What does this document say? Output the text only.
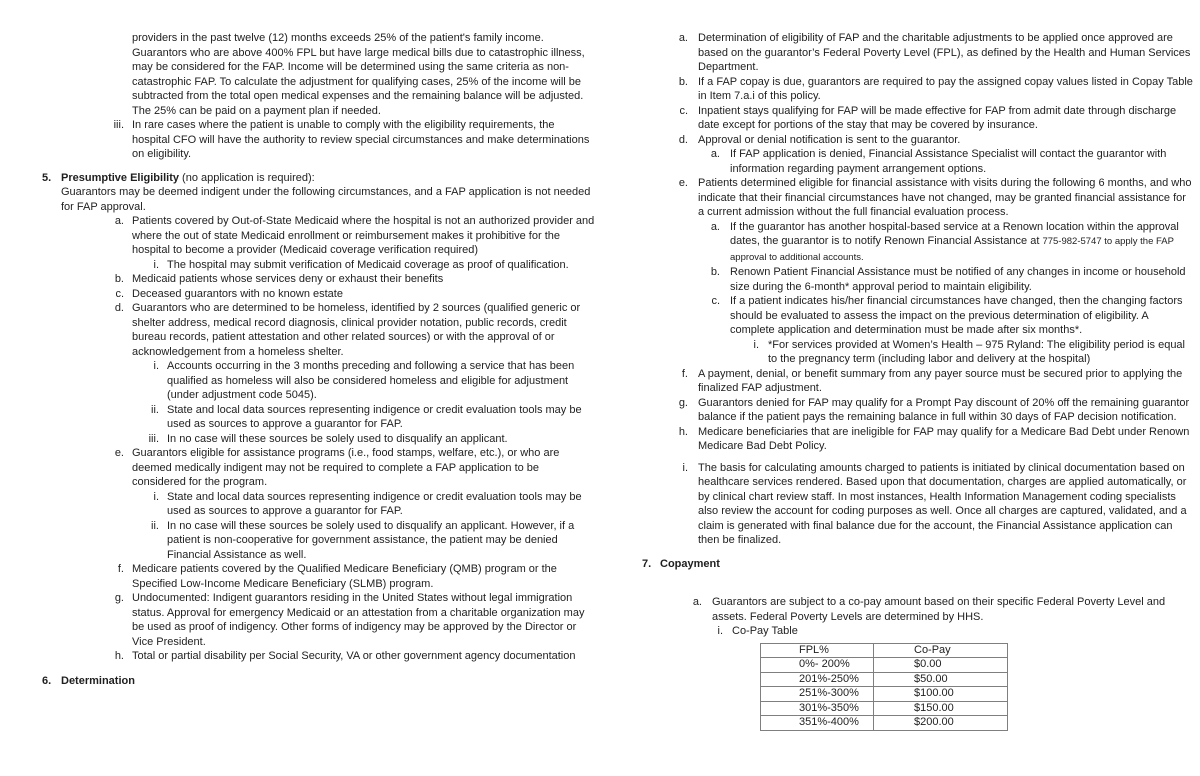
providers in the past twelve (12) months exceeds 25% of the patient's family income. Guarantors who are above 400% FPL but have large medical bills due to catastrophic illness, may be considered for the FAP. Income will be determined using the same criteria as non-catastrophic FAP. To calculate the adjustment for qualifying cases, 25% of the income will be subtracted from the total open medical expenses and the remaining balance will be adjusted. The 25% can be paid on a payment plan if needed.
iii. In rare cases where the patient is unable to comply with the eligibility requirements, the hospital CFO will have the authority to review special circumstances and make determinations on eligibility.
5. Presumptive Eligibility (no application is required):
Guarantors may be deemed indigent under the following circumstances, and a FAP application is not needed for FAP approval.
a. Patients covered by Out-of-State Medicaid where the hospital is not an authorized provider and where the out of state Medicaid enrollment or reimbursement makes it prohibitive for the hospital to become a provider (Medicaid coverage verification required)
i. The hospital may submit verification of Medicaid coverage as proof of qualification.
b. Medicaid patients whose services deny or exhaust their benefits
c. Deceased guarantors with no known estate
d. Guarantors who are determined to be homeless, identified by 2 sources (qualified generic or shelter address, medical record diagnosis, clinical provider notation, public records, credit bureau records, patient attestation and other related sources) or with the approval of or acknowledgement from a homeless shelter.
i. Accounts occurring in the 3 months preceding and following a service that has been qualified as homeless will also be considered homeless and eligible for adjustment (under adjustment code 5045).
ii. State and local data sources representing indigence or credit evaluation tools may be used as sources to approve a guarantor for FAP.
iii. In no case will these sources be solely used to disqualify an applicant.
e. Guarantors eligible for assistance programs (i.e., food stamps, welfare, etc.), or who are deemed medically indigent may not be required to complete a FAP application to be considered for the program.
i. State and local data sources representing indigence or credit evaluation tools may be used as sources to approve a guarantor for FAP.
ii. In no case will these sources be solely used to disqualify an applicant. However, if a patient is non-cooperative for government assistance, the patient may be denied Financial Assistance as well.
f. Medicare patients covered by the Qualified Medicare Beneficiary (QMB) program or the Specified Low-Income Medicare Beneficiary (SLMB) program.
g. Undocumented: Indigent guarantors residing in the United States without legal immigration status. Approval for emergency Medicaid or an attestation from a charitable organization may be used as proof of indigency. Other forms of indigency may be approved by the Director or Vice President.
h. Total or partial disability per Social Security, VA or other government agency documentation
6. Determination
a. Determination of eligibility of FAP and the charitable adjustments to be applied once approved are based on the guarantor’s Federal Poverty Level (FPL), as defined by the Health and Human Services Department.
b. If a FAP copay is due, guarantors are required to pay the assigned copay values listed in Copay Table in Item 7.a.i of this policy.
c. Inpatient stays qualifying for FAP will be made effective for FAP from admit date through discharge date except for portions of the stay that may be covered by insurance.
d. Approval or denial notification is sent to the guarantor.
a. If FAP application is denied, Financial Assistance Specialist will contact the guarantor with information regarding payment arrangement options.
e. Patients determined eligible for financial assistance with visits during the following 6 months, and who indicate that their financial circumstances have not changed, may be granted financial assistance for a current admission without the full financial evaluation process.
a. If the guarantor has another hospital-based service at a Renown location within the approval dates, the guarantor is to notify Renown Financial Assistance at 775-982-5747 to apply the FAP approval to additional accounts.
b. Renown Patient Financial Assistance must be notified of any changes in income or household size during the 6-month* approval period to maintain eligibility.
c. If a patient indicates his/her financial circumstances have changed, then the changing factors should be evaluated to assess the impact on the previous determination of eligibility. A complete application and determination must be made after six months*.
i. *For services provided at Women’s Health – 975 Ryland: The eligibility period is equal to the pregnancy term (including labor and delivery at the hospital)
f. A payment, denial, or benefit summary from any payer source must be secured prior to applying the finalized FAP adjustment.
g. Guarantors denied for FAP may qualify for a Prompt Pay discount of 20% off the remaining guarantor balance if the patient pays the remaining balance in full within 30 days of FAP decision notification.
h. Medicare beneficiaries that are ineligible for FAP may qualify for a Medicare Bad Debt under Renown Medicare Bad Debt Policy.
i. The basis for calculating amounts charged to patients is initiated by clinical documentation based on healthcare services rendered. Based upon that documentation, charges are applied automatically, or by clinical chart review staff. In most instances, Health Information Management coding specialists also review the account for coding purposes as well. Once all charges are captured, validated, and a claim is generated with final balance due for the account, the Financial Assistance application can then be finalized.
7. Copayment
a. Guarantors are subject to a co-pay amount based on their specific Federal Poverty Level and assets. Federal Poverty Levels are determined by HHS.
i. Co-Pay Table
FPL%	Co-Pay
0%- 200%	$0.00
201%-250%	$50.00
251%-300%	$100.00
301%-350%	$150.00
351%-400%	$200.00
